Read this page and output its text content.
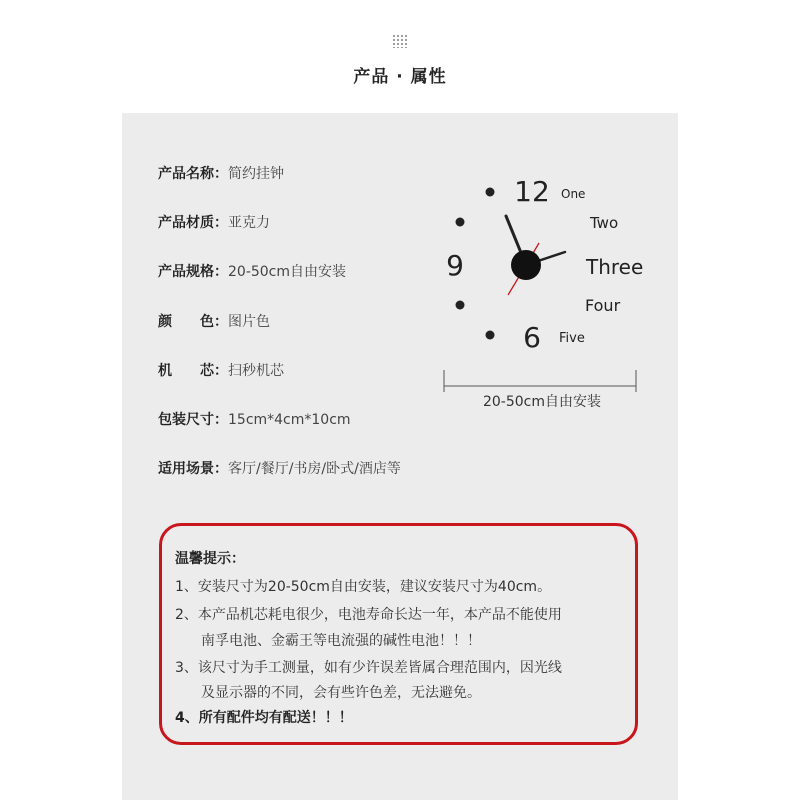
产品 · 属性
产品名称：简约挂钟
产品材质：亚克力
产品规格：20-50cm自由安装
颜　　色：图片色
机　　芯：扫秒机芯
包装尺寸：15cm*4cm*10cm
适用场景：客厅/餐厅/书房/卧式/酒店等
12
9
6
One
Two
Three
Four
Five
20-50cm自由安装
温馨提示：
1、安装尺寸为20-50cm自由安装，建议安装尺寸为40cm。
2、本产品机芯耗电很少，电池寿命长达一年，本产品不能使用
南孚电池、金霸王等电流强的碱性电池！！！
3、该尺寸为手工测量，如有少许误差皆属合理范围内，因光线
及显示器的不同，会有些许色差，无法避免。
4、所有配件均有配送！！！
